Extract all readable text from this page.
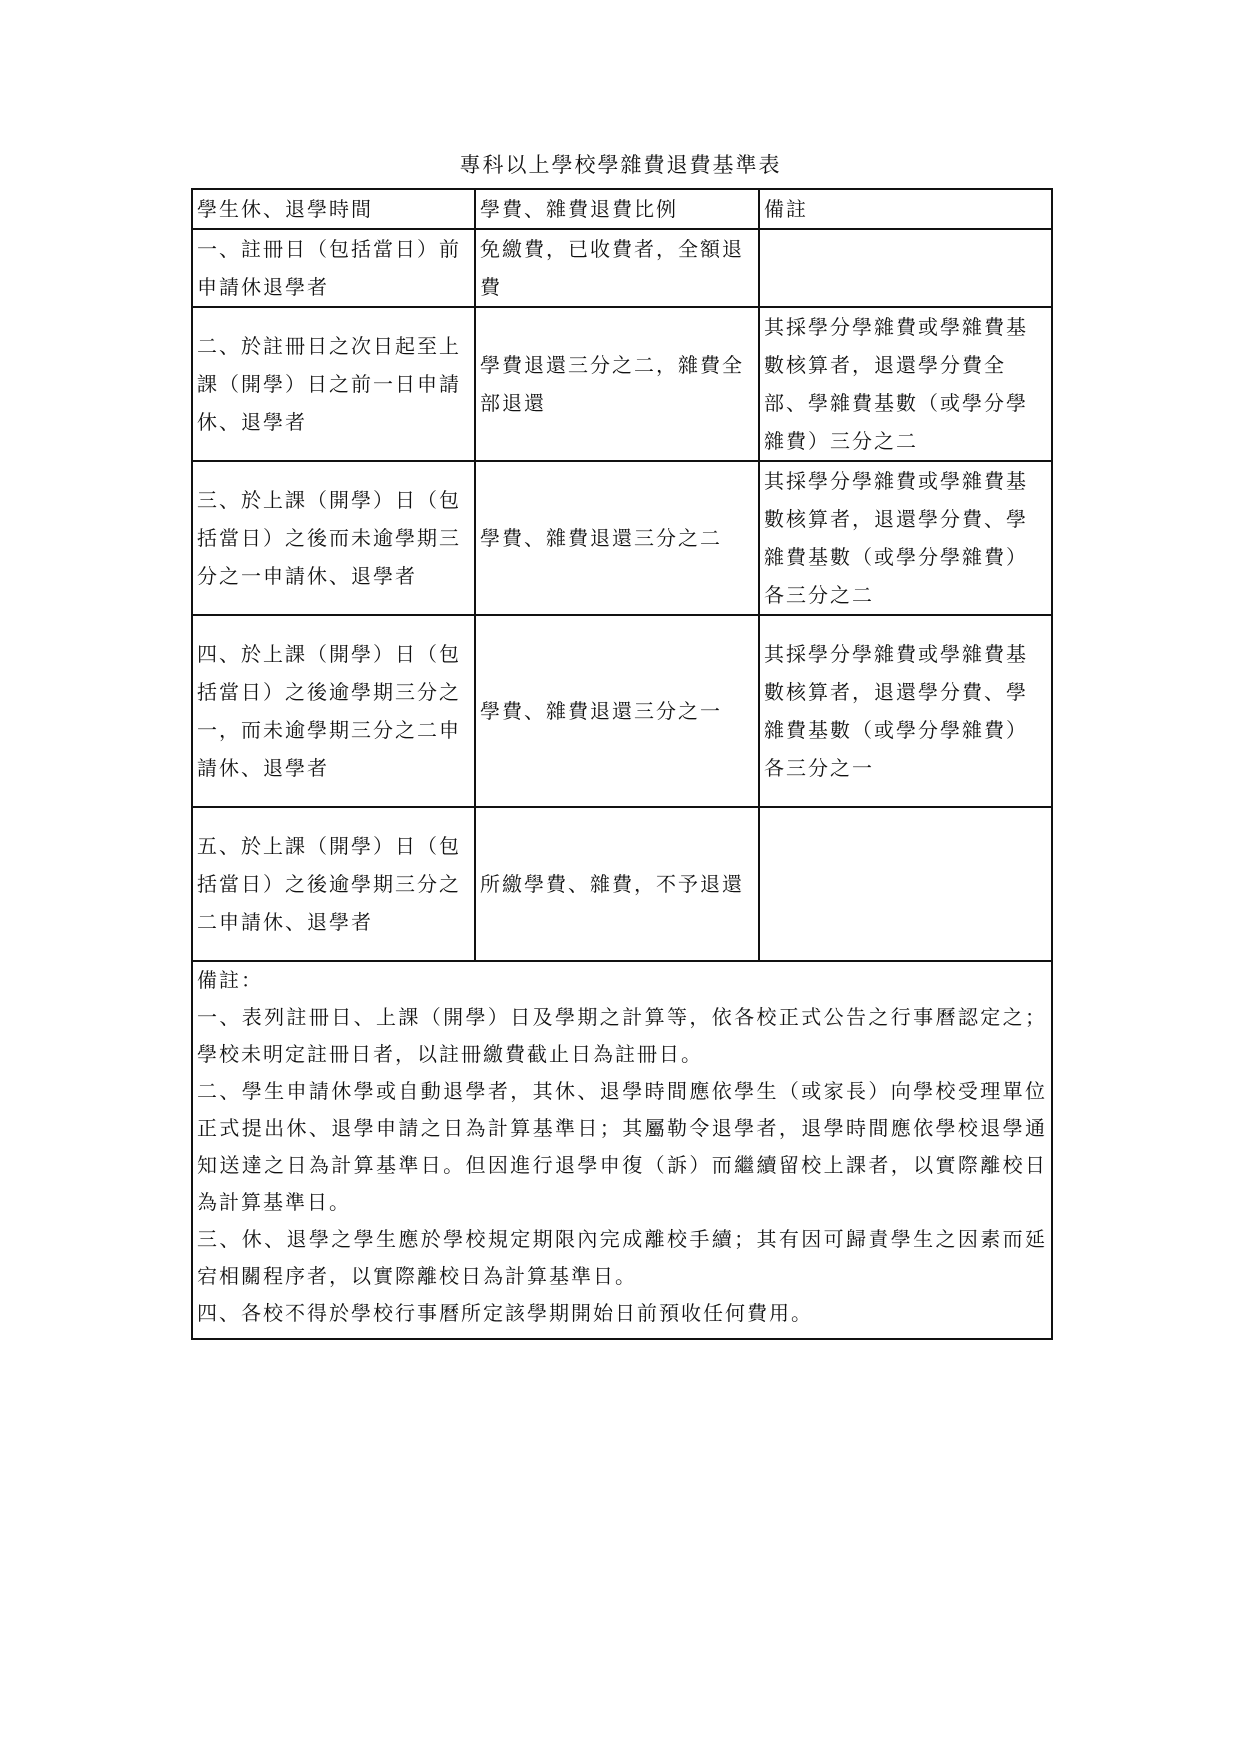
專科以上學校學雜費退費基準表
學生休、退學時間	學費、雜費退費比例	備註
一、註冊日（包括當日）前申請休退學者	免繳費，已收費者，全額退費	
二、於註冊日之次日起至上課（開學）日之前一日申請休、退學者	學費退還三分之二，雜費全部退還	其採學分學雜費或學雜費基數核算者，退還學分費全部、學雜費基數（或學分學雜費）三分之二
三、於上課（開學）日（包括當日）之後而未逾學期三分之一申請休、退學者	學費、雜費退還三分之二	其採學分學雜費或學雜費基數核算者，退還學分費、學雜費基數（或學分學雜費）各三分之二
四、於上課（開學）日（包括當日）之後逾學期三分之一，而未逾學期三分之二申請休、退學者	學費、雜費退還三分之一	其採學分學雜費或學雜費基數核算者，退還學分費、學雜費基數（或學分學雜費）各三分之一
五、於上課（開學）日（包括當日）之後逾學期三分之二申請休、退學者	所繳學費、雜費，不予退還	

備註：

一、表列註冊日、上課（開學）日及學期之計算等，依各校正式公告之行事曆認定之；學校未明定註冊日者，以註冊繳費截止日為註冊日。

二、學生申請休學或自動退學者，其休、退學時間應依學生（或家長）向學校受理單位正式提出休、退學申請之日為計算基準日；其屬勒令退學者，退學時間應依學校退學通知送達之日為計算基準日。但因進行退學申復（訴）而繼續留校上課者，以實際離校日為計算基準日。

三、休、退學之學生應於學校規定期限內完成離校手續；其有因可歸責學生之因素而延宕相關程序者，以實際離校日為計算基準日。

四、各校不得於學校行事曆所定該學期開始日前預收任何費用。		
